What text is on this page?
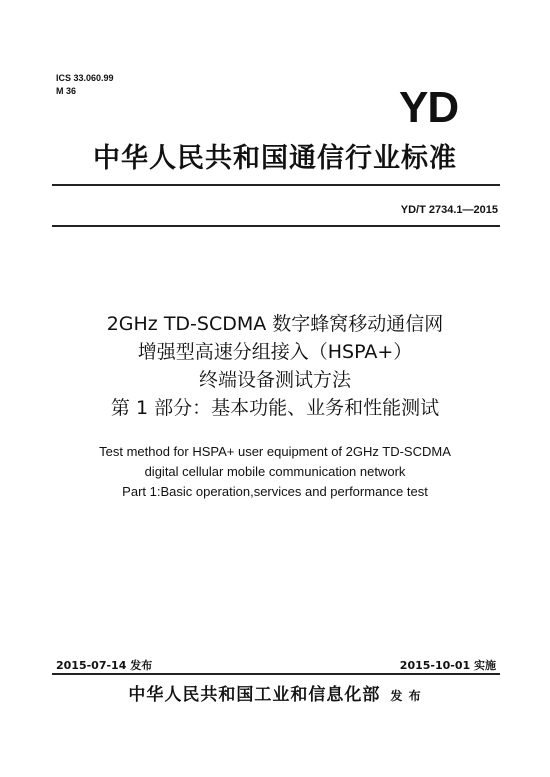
ICS 33.060.99
M 36	YD
中华人民共和国通信行业标准
YD/T 2734.1—2015
2GHz TD-SCDMA 数字蜂窝移动通信网
增强型高速分组接入（HSPA+）
终端设备测试方法
第 1 部分：基本功能、业务和性能测试
Test method for HSPA+ user equipment of 2GHz TD-SCDMA
digital cellular mobile communication network
Part 1:Basic operation,services and performance test
2015-07-14 发布	2015-10-01 实施
中华人民共和国工业和信息化部 发 布
